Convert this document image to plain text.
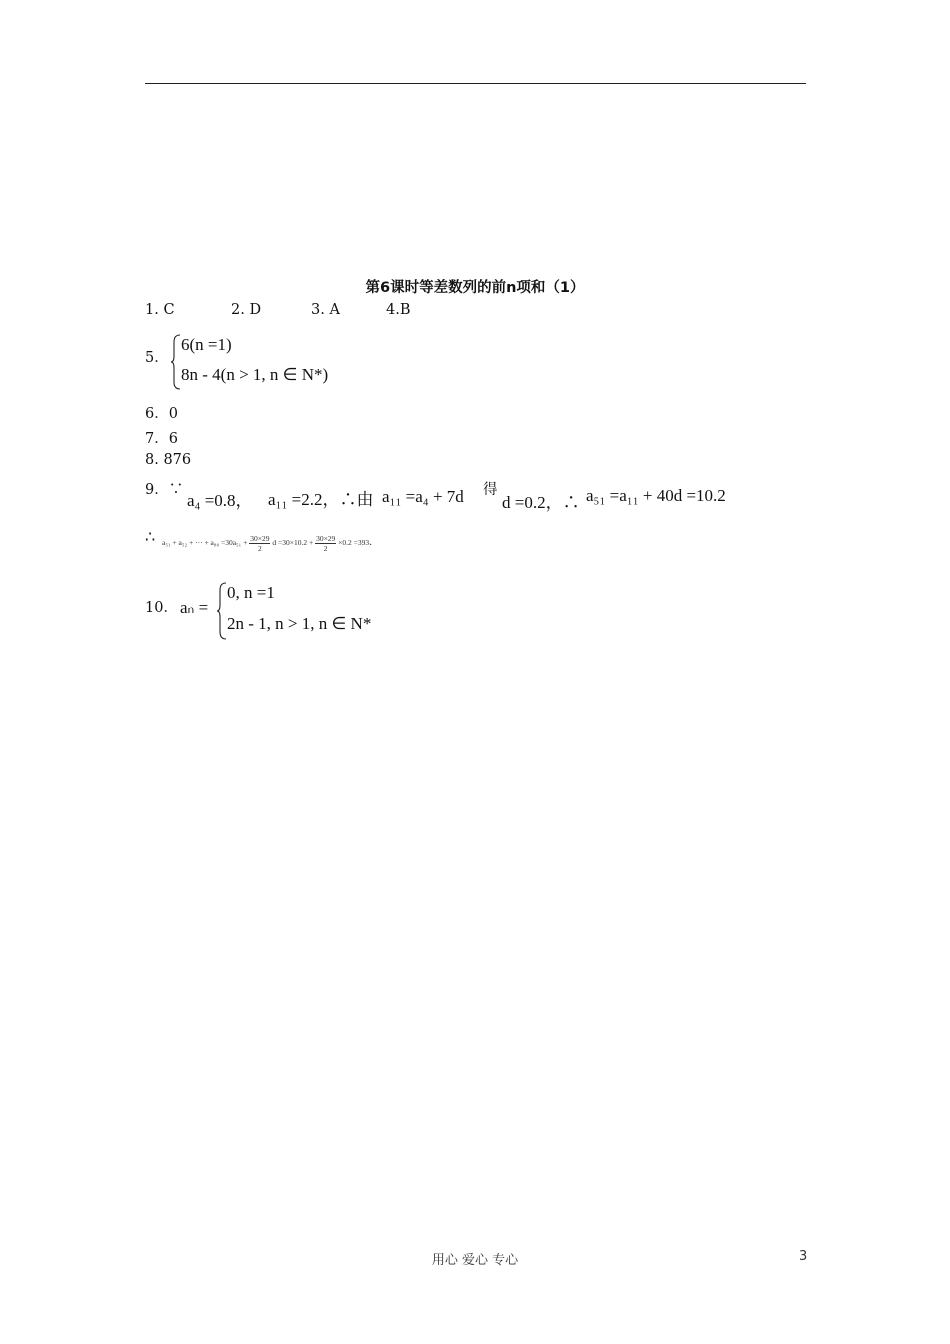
第6课时等差数列的前n项和（1）
1. C	2. D	3. A	4.B
5．
6(n =1)
8n - 4(n > 1, n ∈ N*)
6．0
7．6
8. 876
9．∵
a₄ =0.8， a₁₁ =2.2，∴由 a₁₁ =a₄ + 7d 得
d =0.2，∴ a₅₁ =a₁₁ + 40d =10.2
∴ a₅₁ + a₅₂ + ··· + $a_{80} =30a_{51} + \frac{30\times 29}{2}$ $d =30\times 10.2 + \frac{30\times 29}{2} \times 0.2 =393$.
10． aₙ =
0, n =1
2n - 1, n > 1, n ∈ N*
用心 爱心 专心	3
